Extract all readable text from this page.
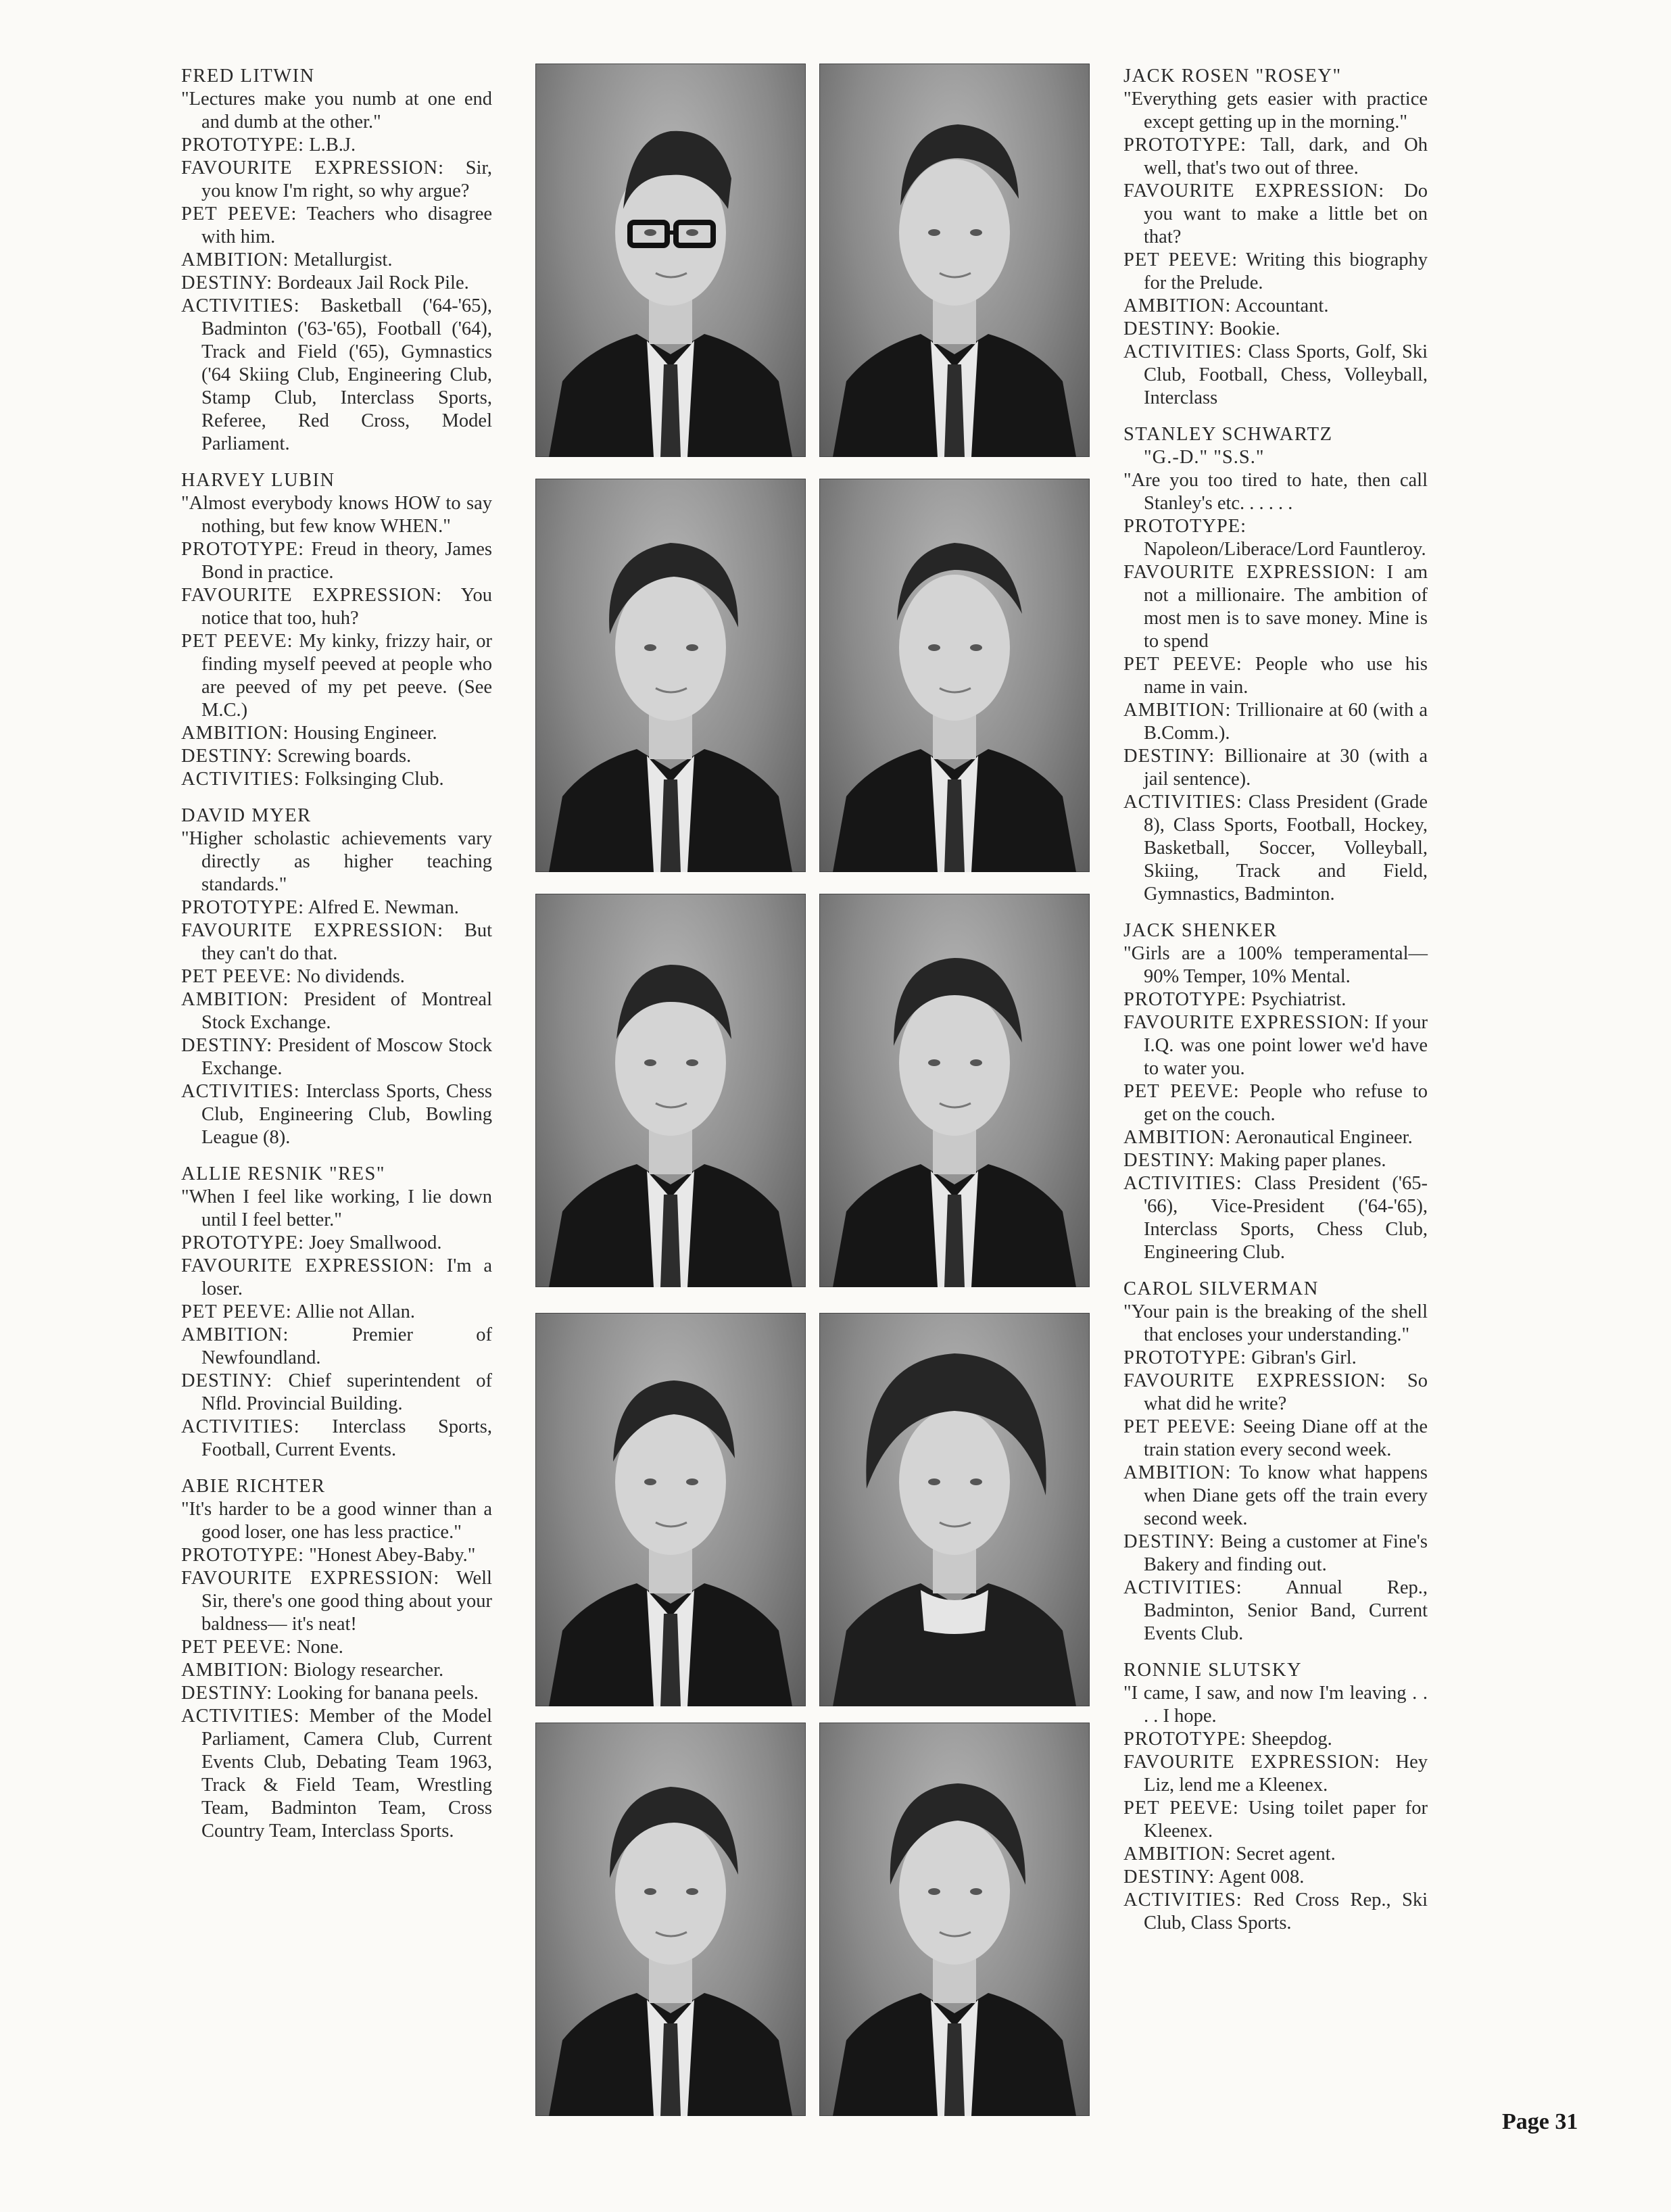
FRED LITWIN
"Lectures make you numb at one end and dumb at the other."
PROTOTYPE: L.B.J.
FAVOURITE EXPRESSION: Sir, you know I'm right, so why argue?
PET PEEVE: Teachers who disagree with him.
AMBITION: Metallurgist.
DESTINY: Bordeaux Jail Rock Pile.
ACTIVITIES: Basketball ('64-'65), Badminton ('63-'65), Football ('64), Track and Field ('65), Gymnastics ('64 Skiing Club, Engineering Club, Stamp Club, Interclass Sports, Referee, Red Cross, Model Parliament.
HARVEY LUBIN
"Almost everybody knows HOW to say nothing, but few know WHEN."
PROTOTYPE: Freud in theory, James Bond in practice.
FAVOURITE EXPRESSION: You notice that too, huh?
PET PEEVE: My kinky, frizzy hair, or finding myself peeved at people who are peeved of my pet peeve. (See M.C.)
AMBITION: Housing Engineer.
DESTINY: Screwing boards.
ACTIVITIES: Folksinging Club.
DAVID MYER
"Higher scholastic achievements vary directly as higher teaching standards."
PROTOTYPE: Alfred E. Newman.
FAVOURITE EXPRESSION: But they can't do that.
PET PEEVE: No dividends.
AMBITION: President of Montreal Stock Exchange.
DESTINY: President of Moscow Stock Exchange.
ACTIVITIES: Interclass Sports, Chess Club, Engineering Club, Bowling League (8).
ALLIE RESNIK "RES"
"When I feel like working, I lie down until I feel better."
PROTOTYPE: Joey Smallwood.
FAVOURITE EXPRESSION: I'm a loser.
PET PEEVE: Allie not Allan.
AMBITION:	Premier of Newfoundland.
DESTINY: Chief superintendent of Nfld. Provincial Building.
ACTIVITIES: Interclass Sports, Football, Current Events.
ABIE RICHTER
"It's harder to be a good winner than a good loser, one has less practice."
PROTOTYPE: "Honest Abey-Baby."
FAVOURITE EXPRESSION: Well Sir, there's one good thing about your baldness— it's neat!
PET PEEVE: None.
AMBITION: Biology researcher.
DESTINY: Looking for banana peels.
ACTIVITIES: Member of the Model Parliament, Camera Club, Current Events Club, Debating Team 1963, Track & Field Team, Wrestling Team, Badminton Team, Cross Country Team, Interclass Sports.
JACK ROSEN "ROSEY"
"Everything gets easier with practice except getting up in the morning."
PROTOTYPE: Tall, dark, and Oh well, that's two out of three.
FAVOURITE EXPRESSION: Do you want to make a little bet on that?
PET PEEVE: Writing this biography for the Prelude.
AMBITION: Accountant.
DESTINY: Bookie.
ACTIVITIES: Class Sports, Golf, Ski Club, Football, Chess, Volleyball, Interclass
STANLEY SCHWARTZ
"G.-D." "S.S."
"Are you too tired to hate, then call Stanley's etc. . . . . .
PROTOTYPE: Napoleon/Liberace/Lord Fauntleroy.
FAVOURITE EXPRESSION: I am not a millionaire. The ambition of most men is to save money. Mine is to spend
PET PEEVE: People who use his name in vain.
AMBITION: Trillionaire at 60 (with a B.Comm.).
DESTINY: Billionaire at 30 (with a jail sentence).
ACTIVITIES: Class President (Grade 8), Class Sports, Football, Hockey, Basketball, Soccer, Volleyball, Skiing, Track and Field, Gymnastics, Badminton.
JACK SHENKER
"Girls are a 100% temperamental—90% Temper, 10% Mental.
PROTOTYPE: Psychiatrist.
FAVOURITE EXPRESSION: If your I.Q. was one point lower we'd have to water you.
PET PEEVE: People who refuse to get on the couch.
AMBITION: Aeronautical Engineer.
DESTINY: Making paper planes.
ACTIVITIES: Class President ('65-'66), Vice-President ('64-'65), Interclass Sports, Chess Club, Engineering Club.
CAROL SILVERMAN
"Your pain is the breaking of the shell that encloses your understanding."
PROTOTYPE: Gibran's Girl.
FAVOURITE EXPRESSION: So what did he write?
PET PEEVE: Seeing Diane off at the train station every second week.
AMBITION: To know what happens when Diane gets off the train every second week.
DESTINY: Being a customer at Fine's Bakery and finding out.
ACTIVITIES: Annual Rep., Badminton, Senior Band, Current Events Club.
RONNIE SLUTSKY
"I came, I saw, and now I'm leaving . . . . I hope.
PROTOTYPE: Sheepdog.
FAVOURITE EXPRESSION: Hey Liz, lend me a Kleenex.
PET PEEVE: Using toilet paper for Kleenex.
AMBITION: Secret agent.
DESTINY: Agent 008.
ACTIVITIES: Red Cross Rep., Ski Club, Class Sports.
Page 31
